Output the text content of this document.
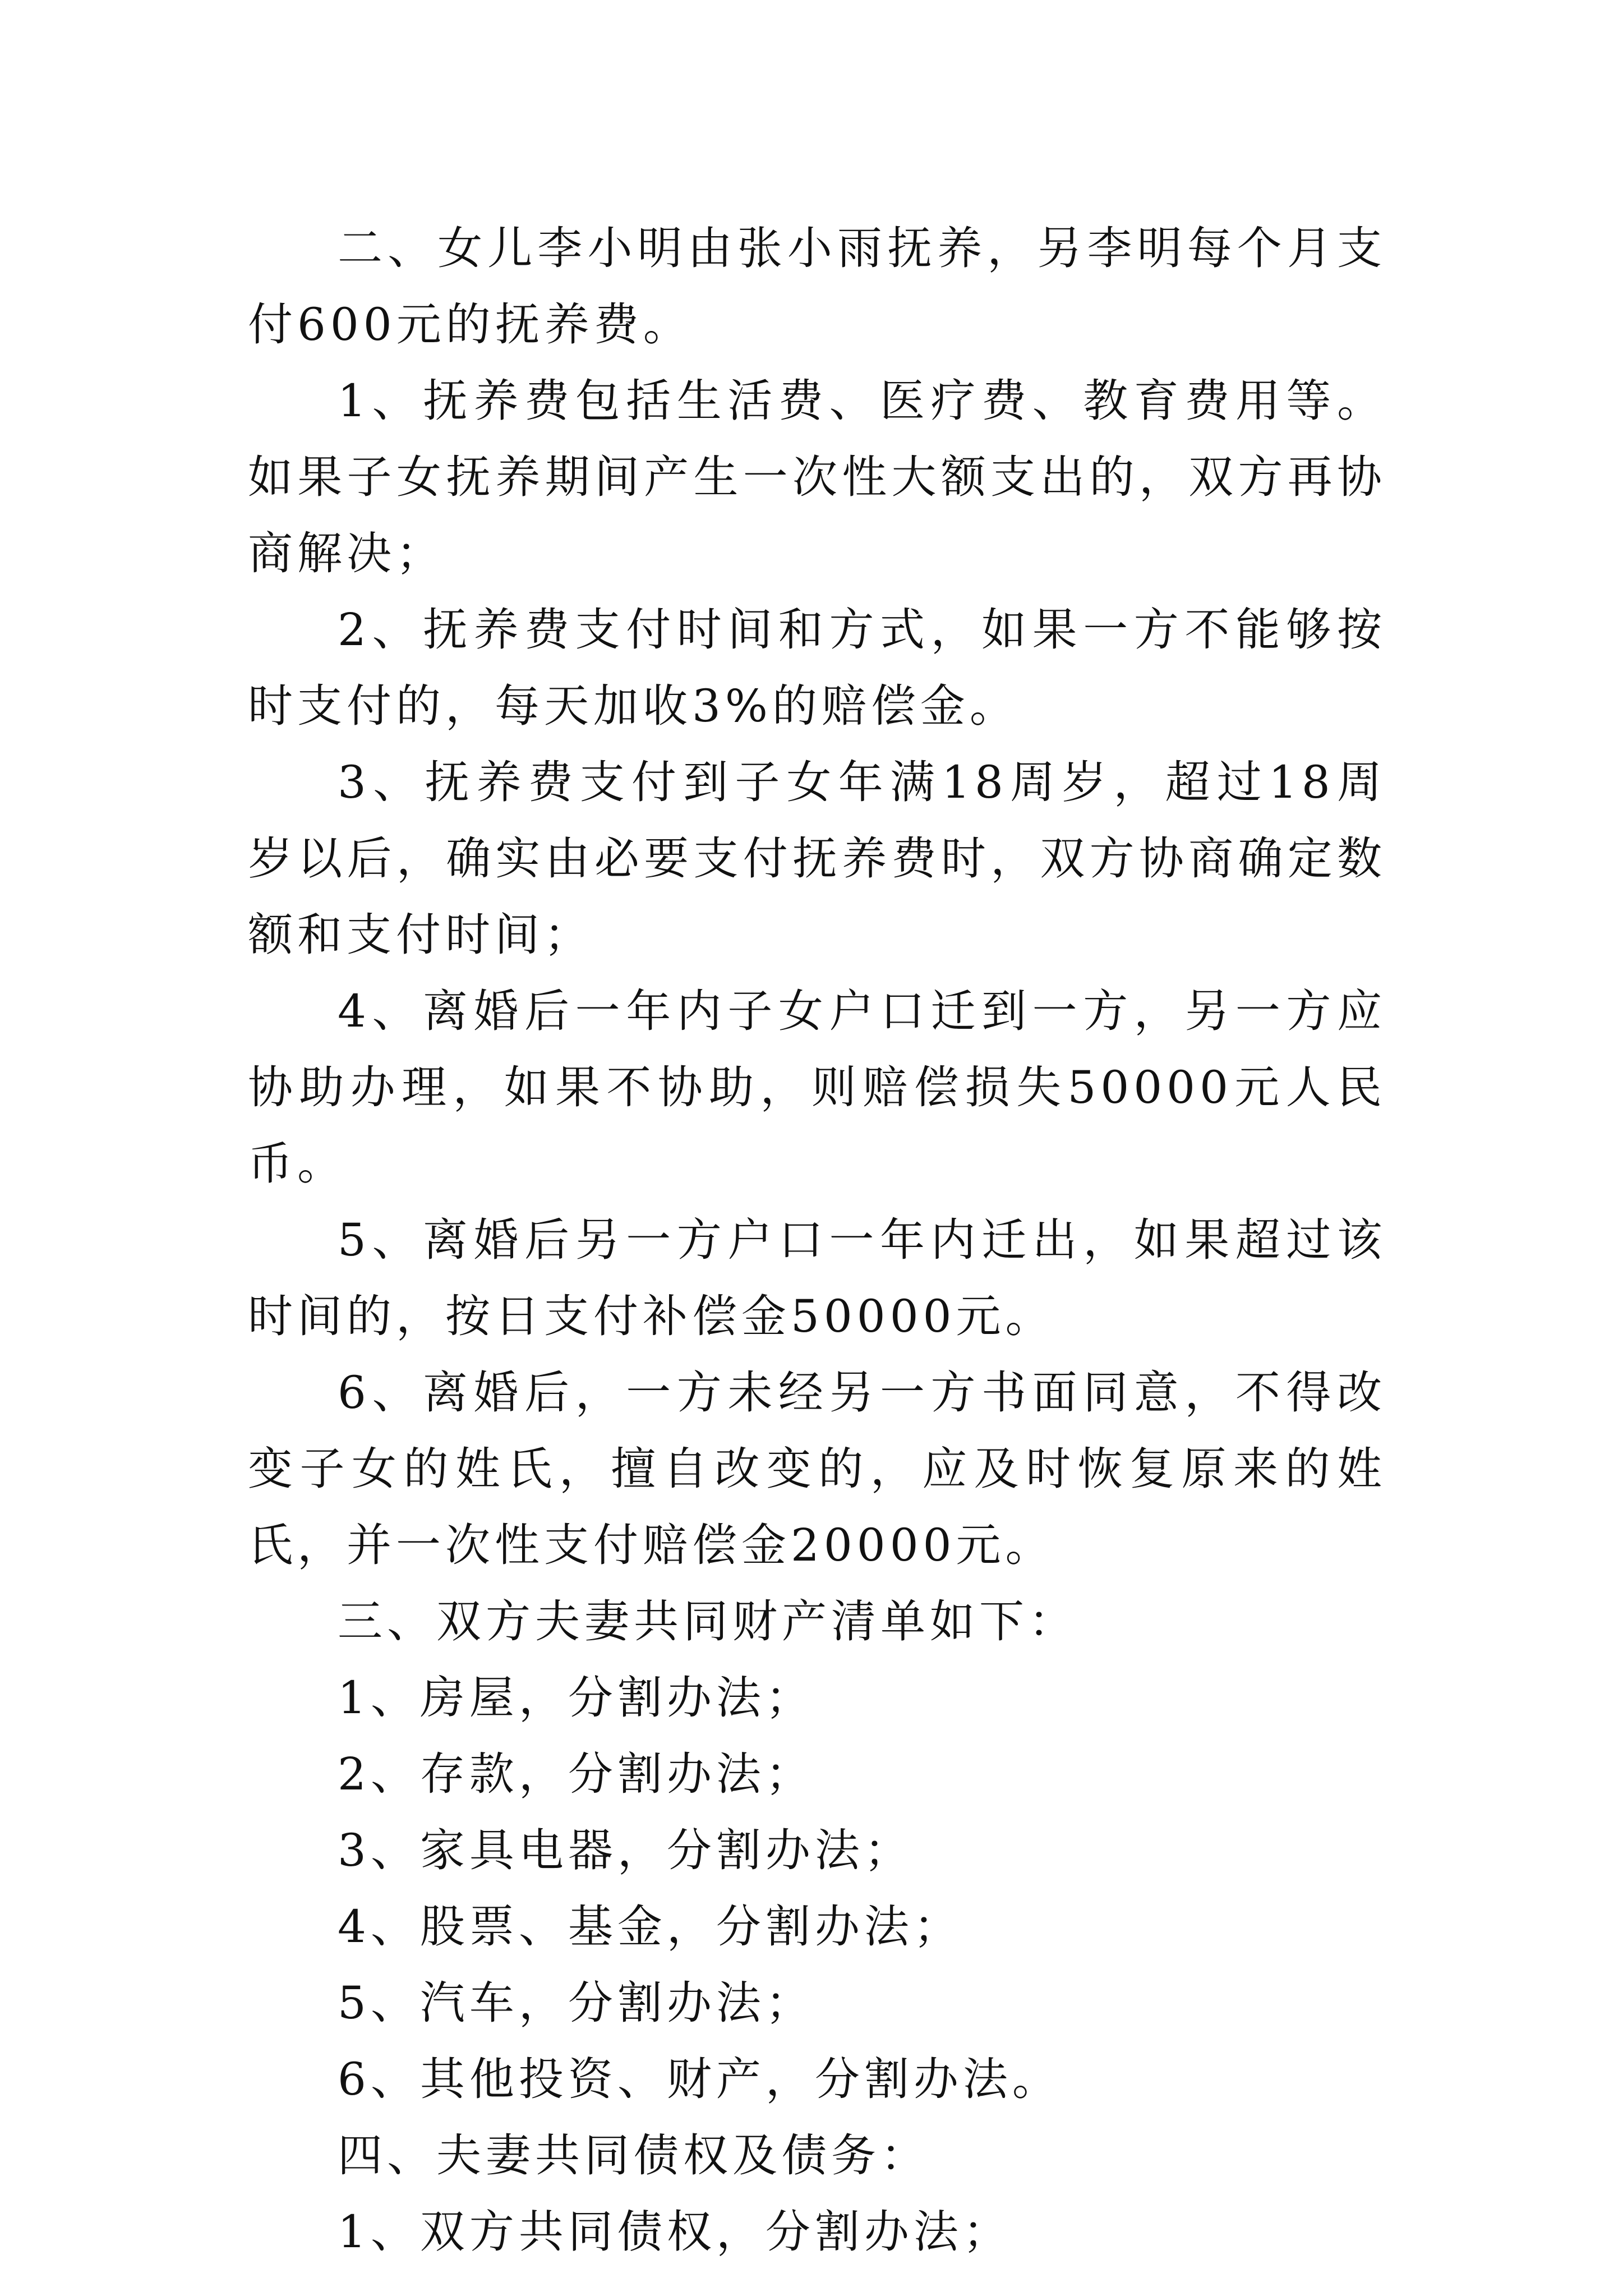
二、女儿李小明由张小雨抚养，另李明每个月支付600元的抚养费。

1、抚养费包括生活费、医疗费、教育费用等。如果子女抚养期间产生一次性大额支出的，双方再协商解决；

2、抚养费支付时间和方式，如果一方不能够按时支付的，每天加收3%的赔偿金。

3、抚养费支付到子女年满18周岁，超过18周岁以后，确实由必要支付抚养费时，双方协商确定数额和支付时间；

4、离婚后一年内子女户口迁到一方，另一方应协助办理，如果不协助，则赔偿损失50000元人民币。

5、离婚后另一方户口一年内迁出，如果超过该时间的，按日支付补偿金50000元。

6、离婚后，一方未经另一方书面同意，不得改变子女的姓氏，擅自改变的，应及时恢复原来的姓氏，并一次性支付赔偿金20000元。

三、双方夫妻共同财产清单如下：

1、房屋，分割办法；

2、存款，分割办法；

3、家具电器，分割办法；

4、股票、基金，分割办法；

5、汽车，分割办法；

6、其他投资、财产，分割办法。

四、夫妻共同债权及债务：

1、双方共同债权，分割办法；
